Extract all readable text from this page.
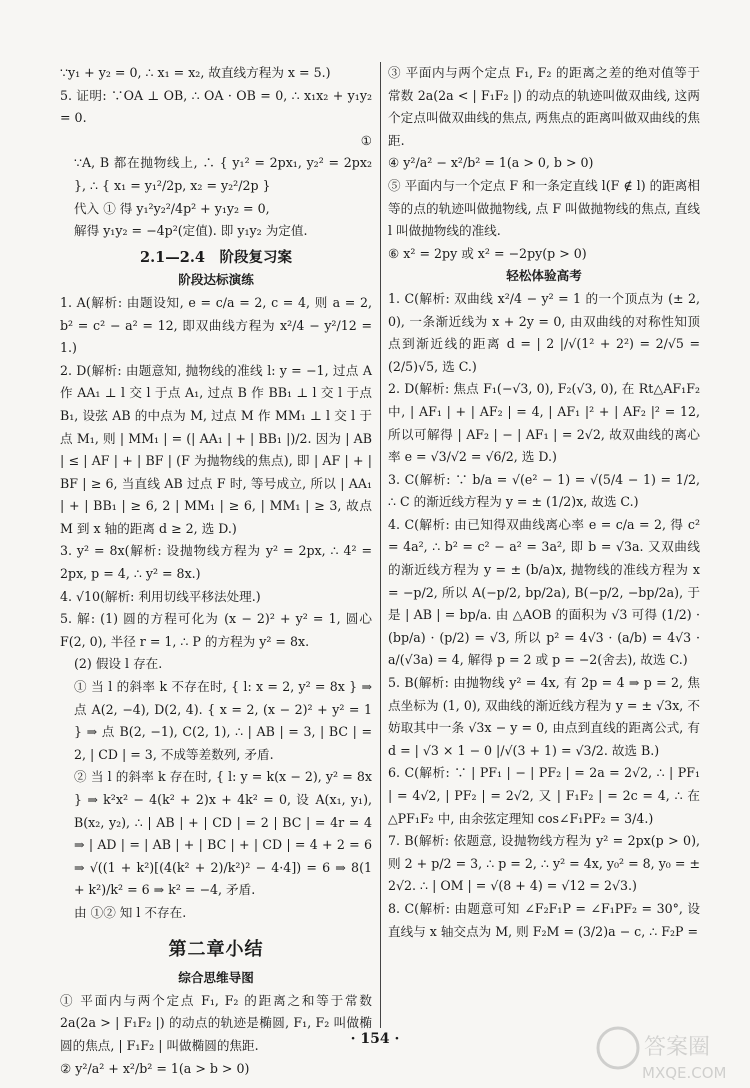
∵y₁ + y₂ = 0, ∴ x₁ = x₂, 故直线方程为 x = 5.)

5. 证明: ∵OA ⊥ OB, ∴ OA · OB = 0, ∴ x₁x₂ + y₁y₂ = 0.

①

∵A, B 都在抛物线上, ∴ { y₁² = 2px₁, y₂² = 2px₂ }, ∴ { x₁ = y₁²/2p, x₂ = y₂²/2p }

代入 ① 得 y₁²y₂²/4p² + y₁y₂ = 0,

解得 y₁y₂ = −4p²(定值). 即 y₁y₂ 为定值.

2.1—2.4　阶段复习案

阶段达标演练

1. A(解析: 由题设知, e = c/a = 2, c = 4, 则 a = 2, b² = c² − a² = 12, 即双曲线方程为 x²/4 − y²/12 = 1.)

2. D(解析: 由题意知, 抛物线的准线 l: y = −1, 过点 A 作 AA₁ ⊥ l 交 l 于点 A₁, 过点 B 作 BB₁ ⊥ l 交 l 于点 B₁, 设弦 AB 的中点为 M, 过点 M 作 MM₁ ⊥ l 交 l 于点 M₁, 则 | MM₁ | = (| AA₁ | + | BB₁ |)/2. 因为 | AB | ≤ | AF | + | BF | (F 为抛物线的焦点), 即 | AF | + | BF | ≥ 6, 当直线 AB 过点 F 时, 等号成立, 所以 | AA₁ | + | BB₁ | ≥ 6, 2 | MM₁ | ≥ 6, | MM₁ | ≥ 3, 故点 M 到 x 轴的距离 d ≥ 2, 选 D.)

3. y² = 8x(解析: 设抛物线方程为 y² = 2px, ∴ 4² = 2px, p = 4, ∴ y² = 8x.)

4. √10(解析: 利用切线平移法处理.)

5. 解: (1) 圆的方程可化为 (x − 2)² + y² = 1, 圆心 F(2, 0), 半径 r = 1, ∴ P 的方程为 y² = 8x.

(2) 假设 l 存在.

① 当 l 的斜率 k 不存在时, { l: x = 2, y² = 8x } ⇒ 点 A(2, −4), D(2, 4). { x = 2, (x − 2)² + y² = 1 } ⇒ 点 B(2, −1), C(2, 1), ∴ | AB | = 3, | BC | = 2, | CD | = 3, 不成等差数列, 矛盾.

② 当 l 的斜率 k 存在时, { l: y = k(x − 2), y² = 8x } ⇒ k²x² − 4(k² + 2)x + 4k² = 0, 设 A(x₁, y₁), B(x₂, y₂), ∴ | AB | + | CD | = 2 | BC | = 4r = 4 ⇒ | AD | = | AB | + | BC | + | CD | = 4 + 2 = 6 ⇒ √((1 + k²)[(4(k² + 2)/k²)² − 4·4]) = 6 ⇒ 8(1 + k²)/k² = 6 ⇒ k² = −4, 矛盾.

由 ①② 知 l 不存在.

第二章小结

综合思维导图

① 平面内与两个定点 F₁, F₂ 的距离之和等于常数 2a(2a > | F₁F₂ |) 的动点的轨迹是椭圆, F₁, F₂ 叫做椭圆的焦点, | F₁F₂ | 叫做椭圆的焦距.

② y²/a² + x²/b² = 1(a > b > 0)

③ 平面内与两个定点 F₁, F₂ 的距离之差的绝对值等于常数 2a(2a < | F₁F₂ |) 的动点的轨迹叫做双曲线, 这两个定点叫做双曲线的焦点, 两焦点的距离叫做双曲线的焦距.

④ y²/a² − x²/b² = 1(a > 0, b > 0)

⑤ 平面内与一个定点 F 和一条定直线 l(F ∉ l) 的距离相等的点的轨迹叫做抛物线, 点 F 叫做抛物线的焦点, 直线 l 叫做抛物线的准线.

⑥ x² = 2py 或 x² = −2py(p > 0)

轻松体验高考

1. C(解析: 双曲线 x²/4 − y² = 1 的一个顶点为 (± 2, 0), 一条渐近线为 x + 2y = 0, 由双曲线的对称性知顶点到渐近线的距离 d = | 2 |/√(1² + 2²) = 2/√5 = (2/5)√5, 选 C.)

2. D(解析: 焦点 F₁(−√3, 0), F₂(√3, 0), 在 Rt△AF₁F₂ 中, | AF₁ | + | AF₂ | = 4, | AF₁ |² + | AF₂ |² = 12, 所以可解得 | AF₂ | − | AF₁ | = 2√2, 故双曲线的离心率 e = √3/√2 = √6/2, 选 D.)

3. C(解析: ∵ b/a = √(e² − 1) = √(5/4 − 1) = 1/2, ∴ C 的渐近线方程为 y = ± (1/2)x, 故选 C.)

4. C(解析: 由已知得双曲线离心率 e = c/a = 2, 得 c² = 4a², ∴ b² = c² − a² = 3a², 即 b = √3a. 又双曲线的渐近线方程为 y = ± (b/a)x, 抛物线的准线方程为 x = −p/2, 所以 A(−p/2, bp/2a), B(−p/2, −bp/2a), 于是 | AB | = bp/a. 由 △AOB 的面积为 √3 可得 (1/2) · (bp/a) · (p/2) = √3, 所以 p² = 4√3 · (a/b) = 4√3 · a/(√3a) = 4, 解得 p = 2 或 p = −2(舍去), 故选 C.)

5. B(解析: 由抛物线 y² = 4x, 有 2p = 4 ⇒ p = 2, 焦点坐标为 (1, 0), 双曲线的渐近线方程为 y = ± √3x, 不妨取其中一条 √3x − y = 0, 由点到直线的距离公式, 有 d = | √3 × 1 − 0 |/√(3 + 1) = √3/2. 故选 B.)

6. C(解析: ∵ | PF₁ | − | PF₂ | = 2a = 2√2, ∴ | PF₁ | = 4√2, | PF₂ | = 2√2, 又 | F₁F₂ | = 2c = 4, ∴ 在 △PF₁F₂ 中, 由余弦定理知 cos∠F₁PF₂ = 3/4.)

7. B(解析: 依题意, 设抛物线方程为 y² = 2px(p > 0), 则 2 + p/2 = 3, ∴ p = 2, ∴ y² = 4x, y₀² = 8, y₀ = ± 2√2. ∴ | OM | = √(8 + 4) = √12 = 2√3.)

8. C(解析: 由题意可知 ∠F₂F₁P = ∠F₁PF₂ = 30°, 设直线与 x 轴交点为 M, 则 F₂M = (3/2)a − c, ∴ F₂P =

· 154 ·	答案圈
MXQE.COM
